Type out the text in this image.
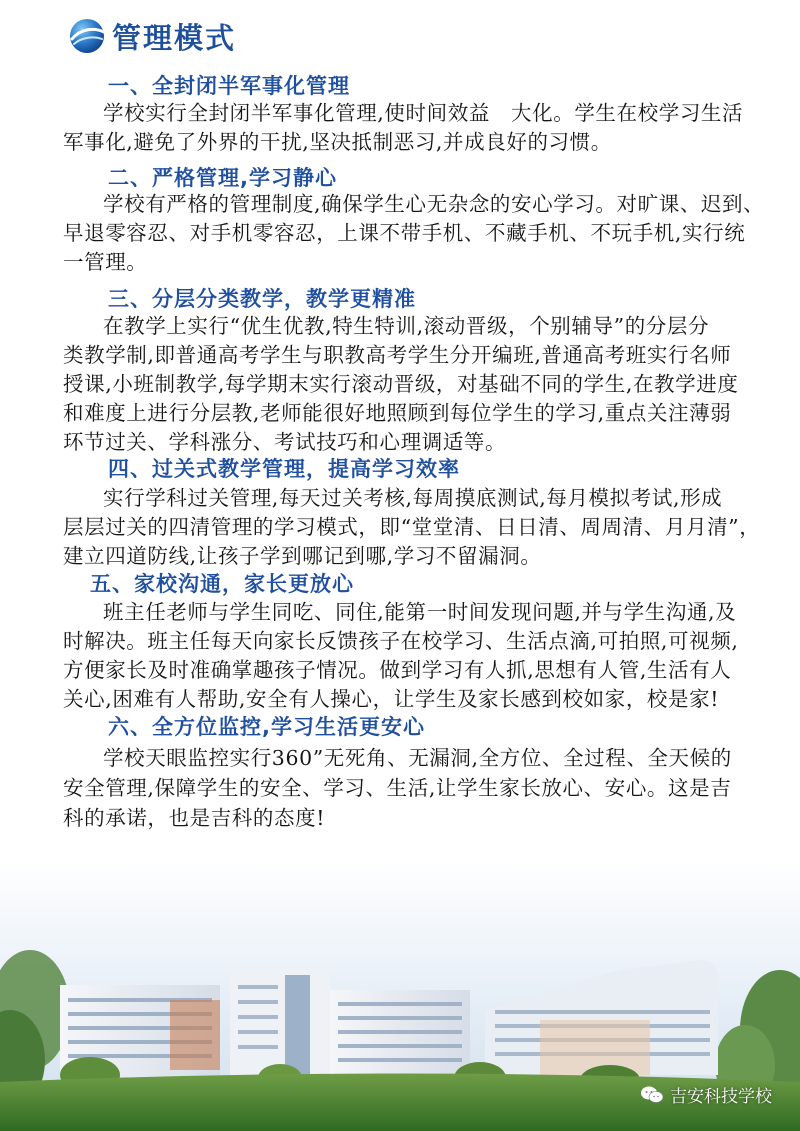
管理模式
一、全封闭半军事化管理
学校实行全封闭半军事化管理,使时间效益　大化。学生在校学习生活
军事化,避免了外界的干扰,坚决抵制恶习,并成良好的习惯。
二、严格管理,学习静心
学校有严格的管理制度,确保学生心无杂念的安心学习。对旷课、迟到、
早退零容忍、对手机零容忍，上课不带手机、不藏手机、不玩手机,实行统
一管理。
三、分层分类教学，教学更精准
在教学上实行“优生优教,特生特训,滚动晋级，个别辅导”的分层分
类教学制,即普通高考学生与职教高考学生分开编班,普通高考班实行名师
授课,小班制教学,每学期末实行滚动晋级，对基础不同的学生,在教学进度
和难度上进行分层教,老师能很好地照顾到每位学生的学习,重点关注薄弱
环节过关、学科涨分、考试技巧和心理调适等。
四、过关式教学管理，提高学习效率
实行学科过关管理,每天过关考核,每周摸底测试,每月模拟考试,形成
层层过关的四清管理的学习模式，即“堂堂清、日日清、周周清、月月清”，
建立四道防线,让孩子学到哪记到哪,学习不留漏洞。
五、家校沟通，家长更放心
班主任老师与学生同吃、同住,能第一时间发现问题,并与学生沟通,及
时解决。班主任每天向家长反馈孩子在校学习、生活点滴,可拍照,可视频,
方便家长及时准确掌趣孩子情况。做到学习有人抓,思想有人管,生活有人
关心,困难有人帮助,安全有人操心，让学生及家长感到校如家，校是家!
六、全方位监控,学习生活更安心
学校天眼监控实行360”无死角、无漏洞,全方位、全过程、全天候的
安全管理,保障学生的安全、学习、生活,让学生家长放心、安心。这是吉
科的承诺，也是吉科的态度!
吉安科技学校
